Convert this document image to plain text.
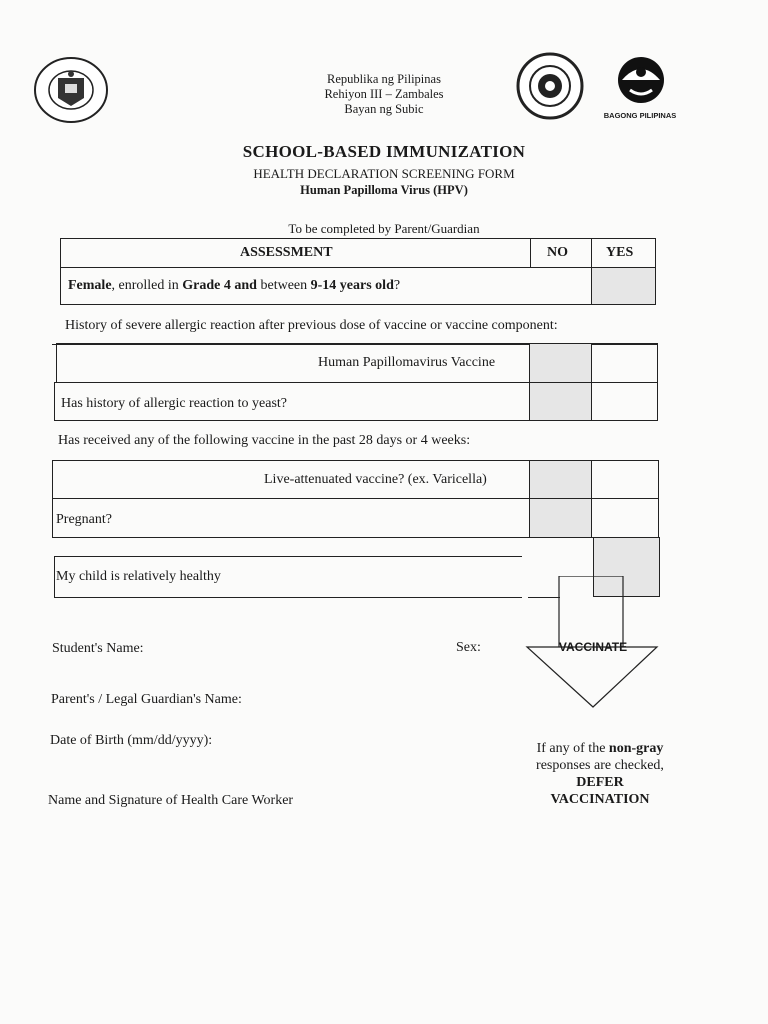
BAGONG PILIPINAS
Republika ng Pilipinas
Rehiyon III – Zambales
Bayan ng Subic
SCHOOL-BASED IMMUNIZATION
HEALTH DECLARATION SCREENING FORM
Human Papilloma Virus (HPV)
To be completed by Parent/Guardian
ASSESSMENT	NO	YES
Female, enrolled in Grade 4 and between 9-14 years old?
History of severe allergic reaction after previous dose of vaccine or vaccine component:
Human Papillomavirus Vaccine
Has history of allergic reaction to yeast?
Has received any of the following vaccine in the past 28 days or 4 weeks:
Live-attenuated vaccine? (ex. Varicella)
Pregnant?
My child is relatively healthy
VACCINATE
Student's Name:	Sex:
Parent's / Legal Guardian's Name:
Date of Birth (mm/dd/yyyy):
Name and Signature of Health Care Worker
If any of the non-gray responses are checked,
DEFER
VACCINATION
